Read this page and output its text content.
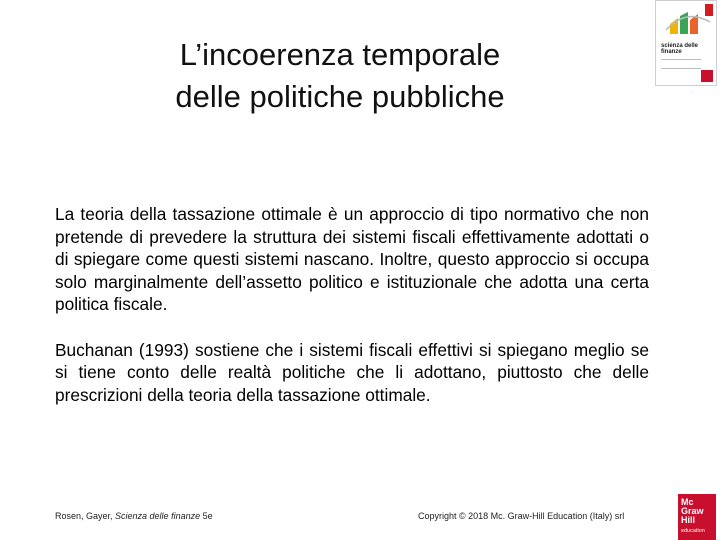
L’incoerenza temporale
delle politiche pubbliche
scienza delle finanze

La teoria della tassazione ottimale è un approccio di tipo normativo che non pretende di prevedere la struttura dei sistemi fiscali effettivamente adottati o di spiegare come questi sistemi nascano. Inoltre, questo approccio si occupa solo marginalmente dell’assetto politico e istituzionale che adotta una certa politica fiscale.

Buchanan (1993) sostiene che i sistemi fiscali effettivi si spiegano meglio se si tiene conto delle realtà politiche che li adottano, piuttosto che delle prescrizioni della teoria della tassazione ottimale.

Rosen, Gayer, Scienza delle finanze 5e	Copyright © 2018 Mc. Graw-Hill Education (Italy) srl
Mc
Graw
Hill
education
